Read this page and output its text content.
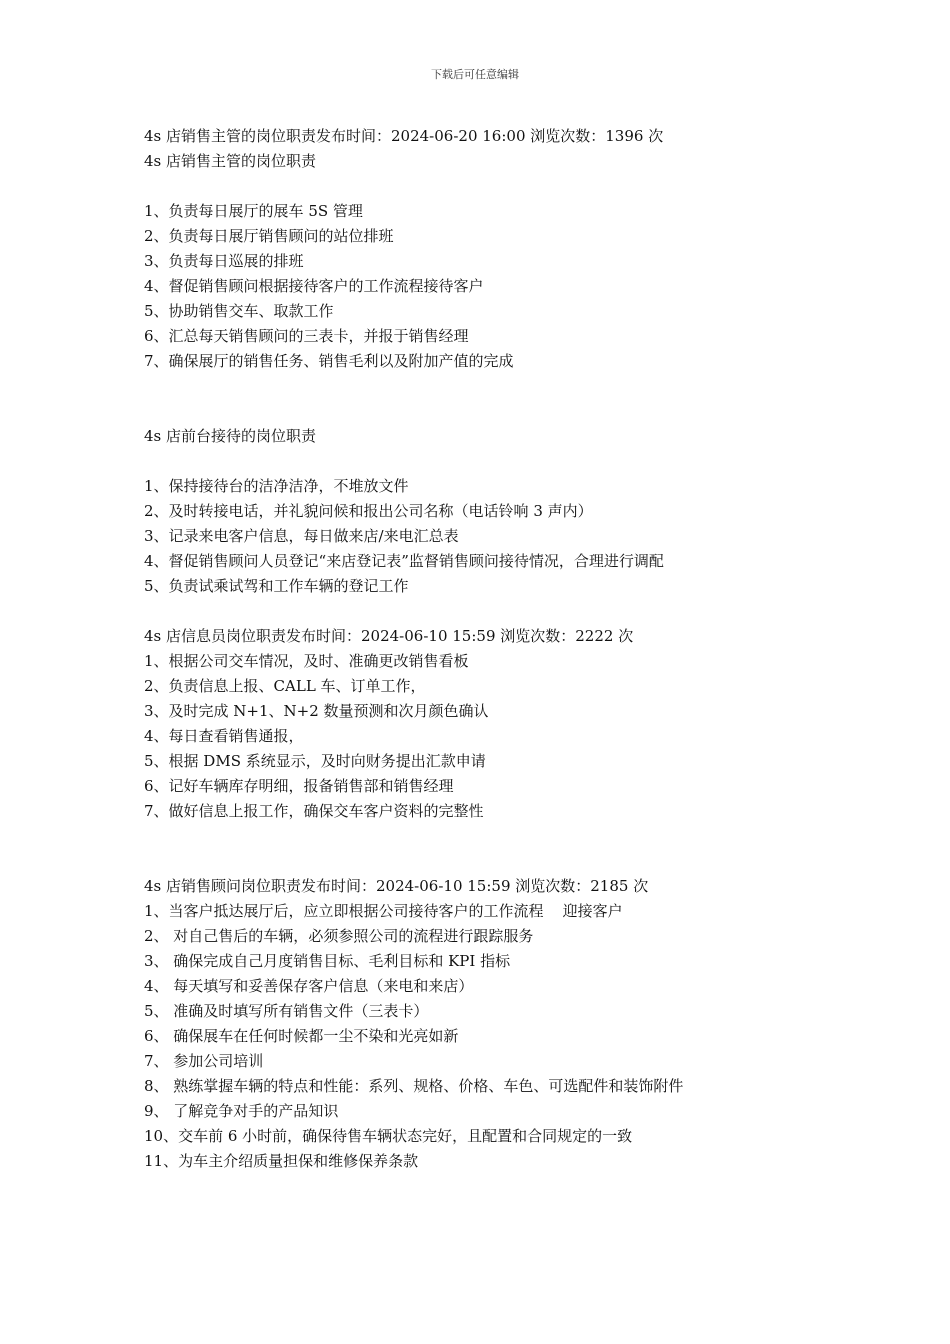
下载后可任意编辑
4s 店销售主管的岗位职责发布时间：2024-06-20 16:00 浏览次数：1396 次
4s 店销售主管的岗位职责
1、负责每日展厅的展车 5S 管理
2、负责每日展厅销售顾问的站位排班
3、负责每日巡展的排班
4、督促销售顾问根据接待客户的工作流程接待客户
5、协助销售交车、取款工作
6、汇总每天销售顾问的三表卡，并报于销售经理
7、确保展厅的销售任务、销售毛利以及附加产值的完成
4s 店前台接待的岗位职责
1、保持接待台的洁净洁净，不堆放文件
2、及时转接电话，并礼貌问候和报出公司名称（电话铃响 3 声内）
3、记录来电客户信息，每日做来店/来电汇总表
4、督促销售顾问人员登记“来店登记表”监督销售顾问接待情况，合理进行调配
5、负责试乘试驾和工作车辆的登记工作
4s 店信息员岗位职责发布时间：2024-06-10 15:59 浏览次数：2222 次
1、根据公司交车情况，及时、准确更改销售看板
2、负责信息上报、CALL 车、订单工作，
3、及时完成 N+1、N+2 数量预测和次月颜色确认
4、每日查看销售通报，
5、根据 DMS 系统显示，及时向财务提出汇款申请
6、记好车辆库存明细，报备销售部和销售经理
7、做好信息上报工作，确保交车客户资料的完整性
4s 店销售顾问岗位职责发布时间：2024-06-10 15:59 浏览次数：2185 次
1、当客户抵达展厅后，应立即根据公司接待客户的工作流程    迎接客户
2、 对自己售后的车辆，必须参照公司的流程进行跟踪服务
3、 确保完成自己月度销售目标、毛利目标和 KPI 指标
4、 每天填写和妥善保存客户信息（来电和来店）
5、 准确及时填写所有销售文件（三表卡）
6、 确保展车在任何时候都一尘不染和光亮如新
7、 参加公司培训
8、 熟练掌握车辆的特点和性能：系列、规格、价格、车色、可选配件和装饰附件
9、 了解竞争对手的产品知识
10、交车前 6 小时前，确保待售车辆状态完好，且配置和合同规定的一致
11、为车主介绍质量担保和维修保养条款
